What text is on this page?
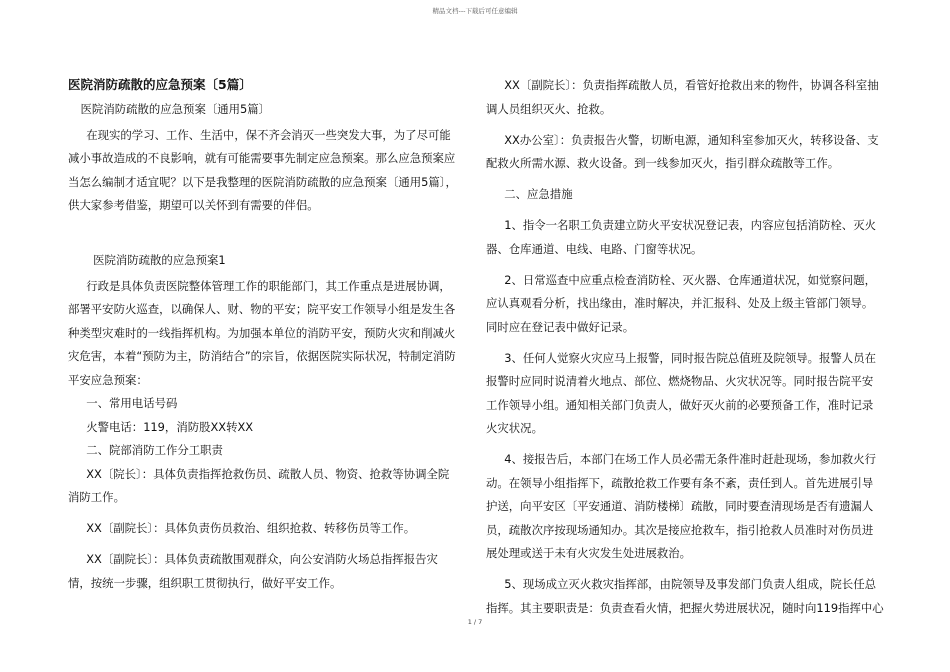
精品文档---下载后可任意编辑

医院消防疏散的应急预案〔5篇〕

医院消防疏散的应急预案〔通用5篇〕

在现实的学习、工作、生活中，保不齐会消灭一些突发大事，为了尽可能减小事故造成的不良影响，就有可能需要事先制定应急预案。那么应急预案应当怎么编制才适宜呢？以下是我整理的医院消防疏散的应急预案〔通用5篇〕，供大家参考借鉴，期望可以关怀到有需要的伴侣。

医院消防疏散的应急预案1

行政是具体负责医院整体管理工作的职能部门，其工作重点是进展协调，部署平安防火巡查，以确保人、财、物的平安；院平安工作领导小组是发生各种类型灾难时的一线指挥机构。为加强本单位的消防平安，预防火灾和削减火灾危害，本着“预防为主，防消结合”的宗旨，依据医院实际状况，特制定消防平安应急预案：

一、常用电话号码

火警电话：119，消防股XX转XX

二、院部消防工作分工职责

XX〔院长〕：具体负责指挥抢救伤员、疏散人员、物资、抢救等协调全院消防工作。

XX〔副院长〕：具体负责伤员救治、组织抢救、转移伤员等工作。

XX〔副院长〕：具体负责疏散围观群众，向公安消防火场总指挥报告灾情，按统一步骤，组织职工贯彻执行，做好平安工作。

XX〔副院长〕：负责指挥疏散人员，看管好抢救出来的物件，协调各科室抽调人员组织灭火、抢救。

XX办公室〕：负责报告火警，切断电源，通知科室参加灭火，转移设备、支配救火所需水源、救火设备。到一线参加灭火，指引群众疏散等工作。

二、应急措施

1、指令一名职工负责建立防火平安状况登记表，内容应包括消防栓、灭火器、仓库通道、电线、电路、门窗等状况。

2、日常巡查中应重点检查消防栓、灭火器、仓库通道状况，如觉察问题，应认真观看分析，找出缘由，准时解决，并汇报科、处及上级主管部门领导。同时应在登记表中做好记录。

3、任何人觉察火灾应马上报警，同时报告院总值班及院领导。报警人员在报警时应同时说清着火地点、部位、燃烧物品、火灾状况等。同时报告院平安工作领导小组。通知相关部门负责人，做好灭火前的必要预备工作，准时记录火灾状况。

4、接报告后，本部门在场工作人员必需无条件准时赶赴现场，参加救火行动。在领导小组指挥下，疏散抢救工作要有条不紊，责任到人。首先进展引导护送，向平安区〔平安通道、消防楼梯〕疏散，同时要查清现场是否有遗漏人员，疏散次序按现场通知办。其次是接应抢救车，指引抢救人员准时对伤员进展处理或送于未有火灾发生处进展救治。

5、现场成立灭火救灾指挥部，由院领导及事发部门负责人组成，院长任总指挥。其主要职责是：负责查看火情，把握火势进展状况，随时向119指挥中心

1 / 7
